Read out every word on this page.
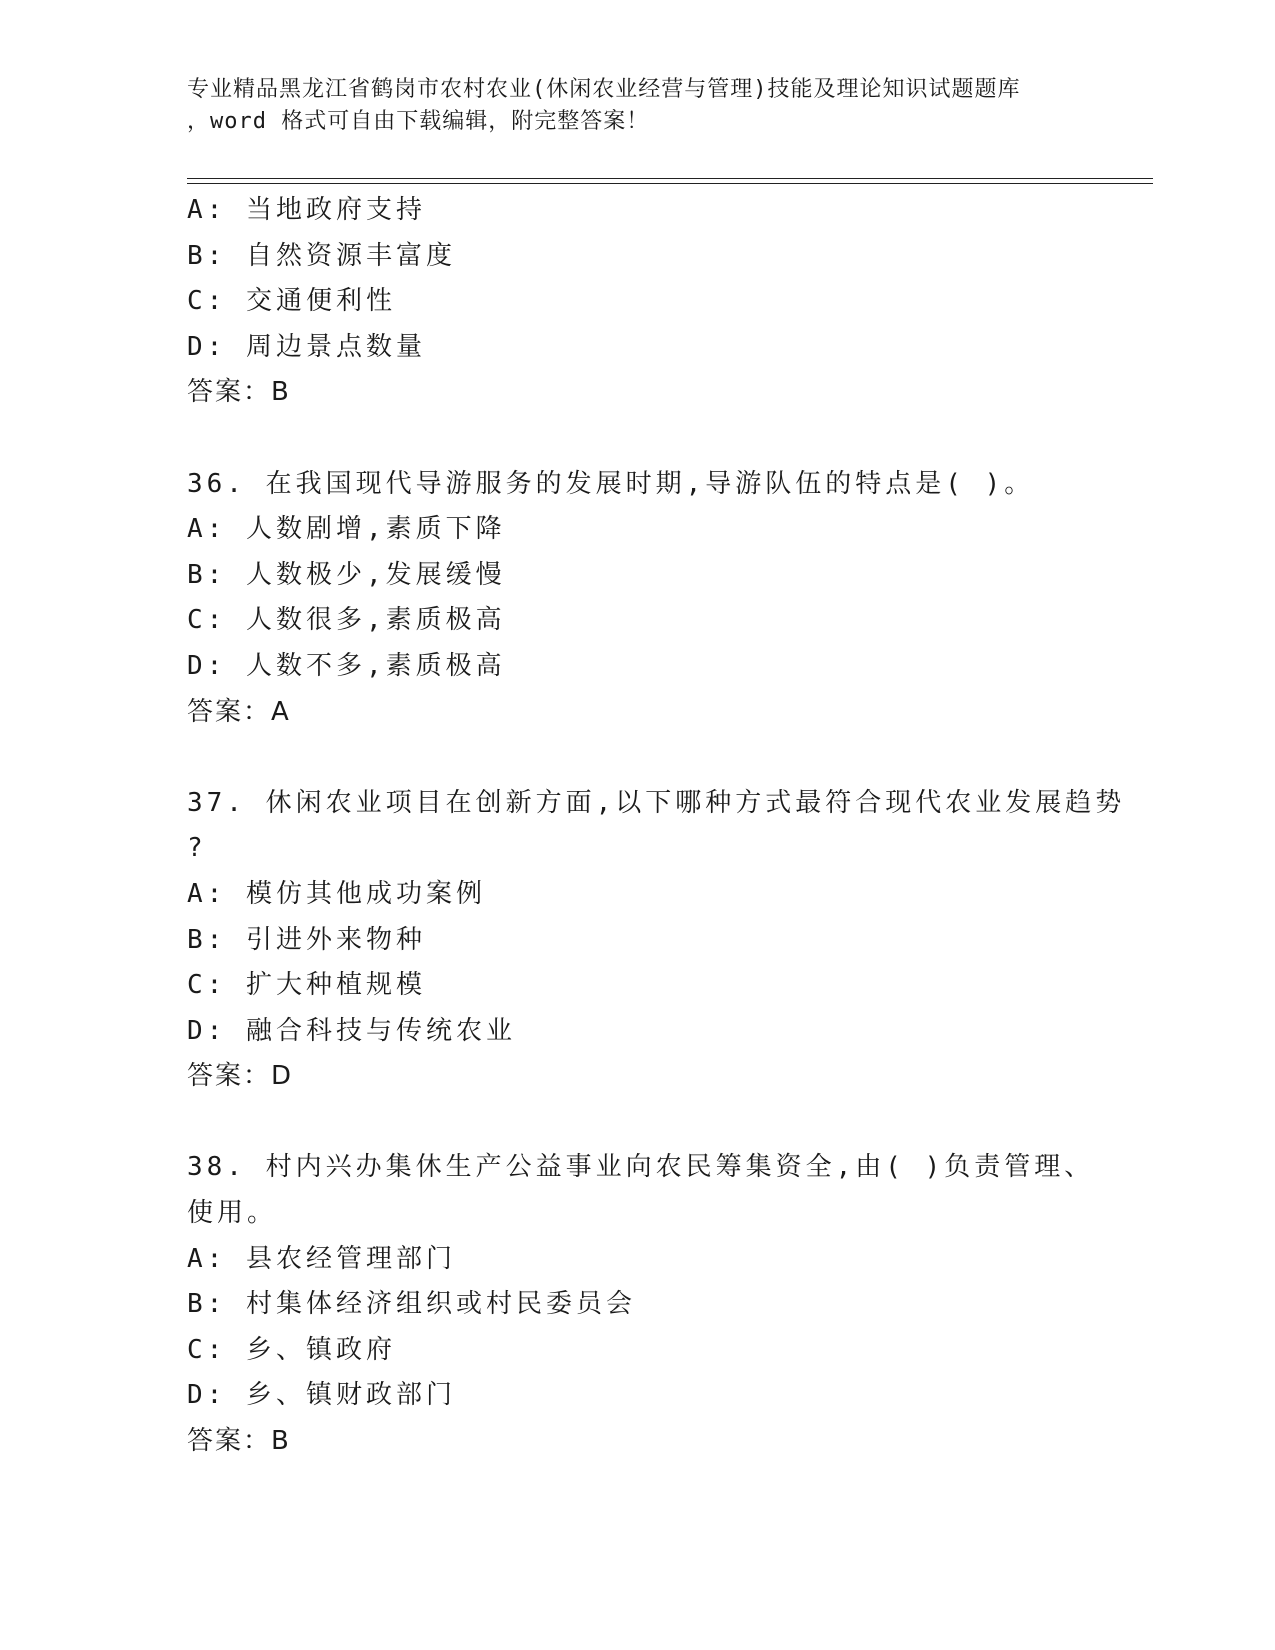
专业精品黑龙江省鹤岗市农村农业(休闲农业经营与管理)技能及理论知识试题题库
，word 格式可自由下载编辑，附完整答案！
A: 当地政府支持
B: 自然资源丰富度
C: 交通便利性
D: 周边景点数量
答案：B
36. 在我国现代导游服务的发展时期,导游队伍的特点是( )。
A: 人数剧增,素质下降
B: 人数极少,发展缓慢
C: 人数很多,素质极高
D: 人数不多,素质极高
答案：A
37. 休闲农业项目在创新方面,以下哪种方式最符合现代农业发展趋势
?
A: 模仿其他成功案例
B: 引进外来物种
C: 扩大种植规模
D: 融合科技与传统农业
答案：D
38. 村内兴办集休生产公益事业向农民筹集资全,由( )负责管理、
使用。
A: 县农经管理部门
B: 村集体经济组织或村民委员会
C: 乡、镇政府
D: 乡、镇财政部门
答案：B
